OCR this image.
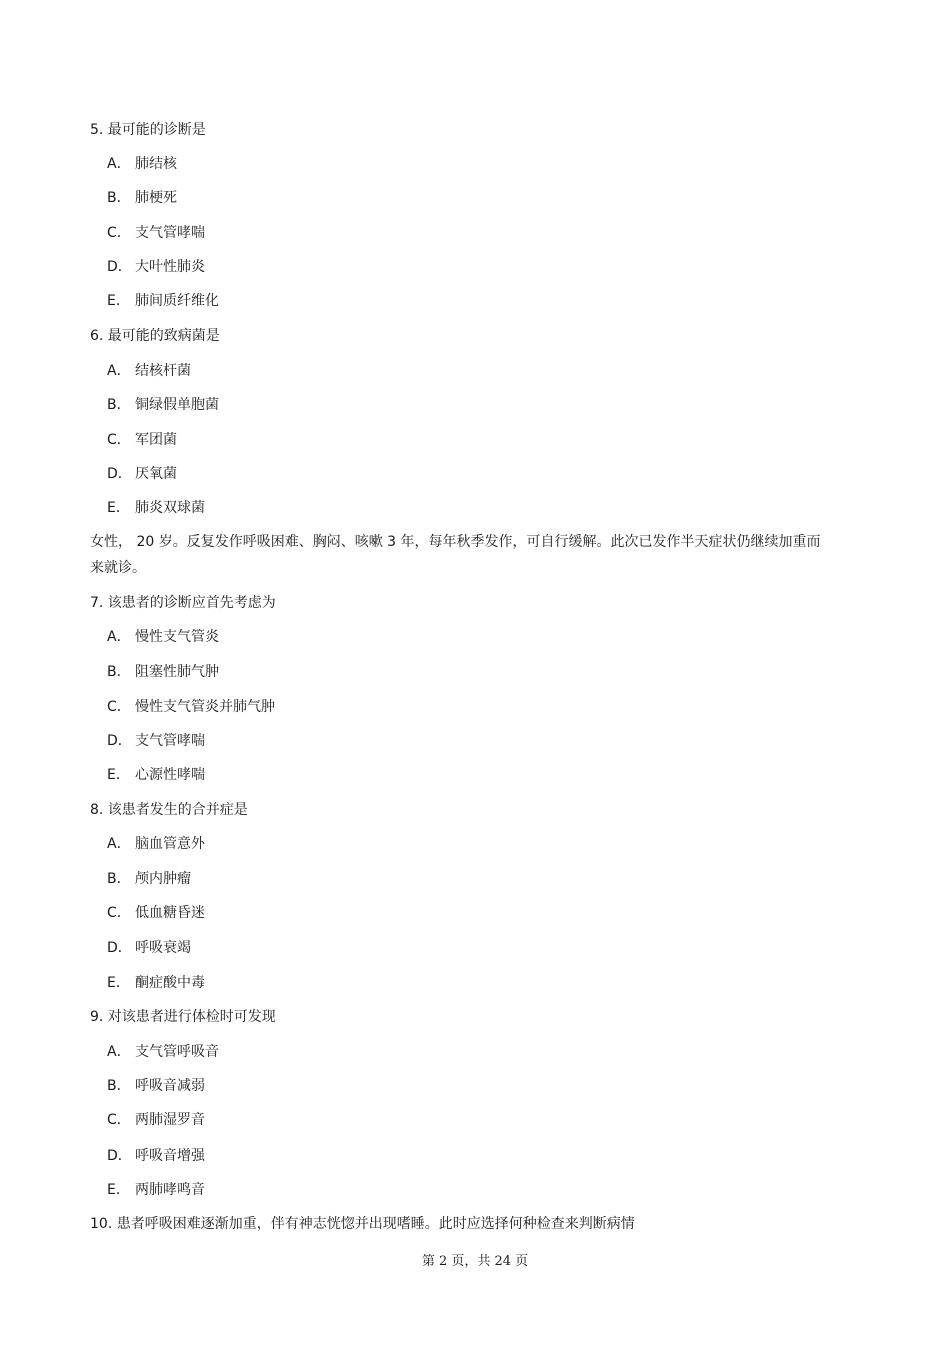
5. 最可能的诊断是
A． 肺结核
B． 肺梗死
C． 支气管哮喘
D． 大叶性肺炎
E． 肺间质纤维化
6. 最可能的致病菌是
A． 结核杆菌
B． 铜绿假单胞菌
C． 军团菌
D． 厌氧菌
E． 肺炎双球菌
女性， 20 岁。反复发作呼吸困难、胸闷、咳嗽 3 年，每年秋季发作，可自行缓解。此次已发作半天症状仍继续加重而来就诊。
7. 该患者的诊断应首先考虑为
A． 慢性支气管炎
B． 阻塞性肺气肿
C． 慢性支气管炎并肺气肿
D． 支气管哮喘
E． 心源性哮喘
8. 该患者发生的合并症是
A． 脑血管意外
B． 颅内肿瘤
C． 低血糖昏迷
D． 呼吸衰竭
E． 酮症酸中毒
9. 对该患者进行体检时可发现
A． 支气管呼吸音
B． 呼吸音减弱
C． 两肺湿罗音
D． 呼吸音增强
E． 两肺哮鸣音
10. 患者呼吸困难逐渐加重，伴有神志恍惚并出现嗜睡。此时应选择何种检查来判断病情
第 2 页，共 24 页
